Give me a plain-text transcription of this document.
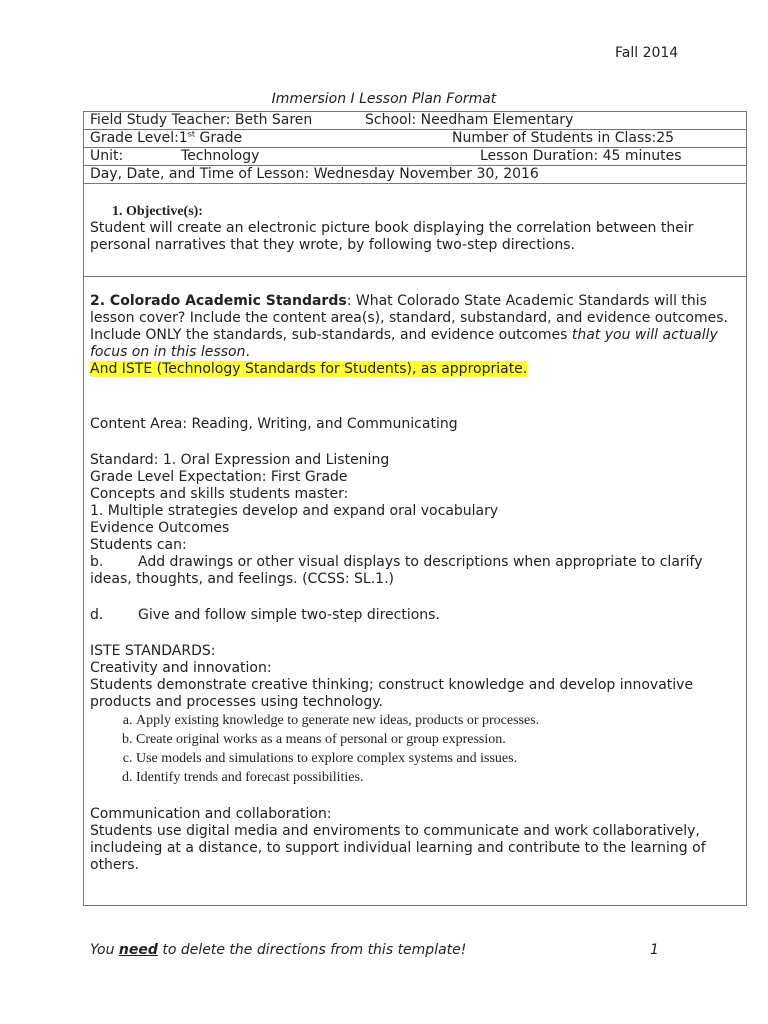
Fall 2014
Immersion I Lesson Plan Format
Field Study Teacher: Beth Saren	School: Needham Elementary

Grade Level:1st Grade	Number of Students in Class:25

Unit:	Technology	Lesson Duration: 45 minutes

Day, Date, and Time of Lesson: Wednesday November 30, 2016

1. Objective(s):
Student will create an electronic picture book displaying the correlation between their personal narratives that they wrote, by following two-step directions.

2. Colorado Academic Standards: What Colorado State Academic Standards will this lesson cover? Include the content area(s), standard, substandard, and evidence outcomes. Include ONLY the standards, sub-standards, and evidence outcomes that you will actually focus on in this lesson.
And ISTE (Technology Standards for Students), as appropriate.
Content Area: Reading, Writing, and Communicating
Standard: 1. Oral Expression and Listening
Grade Level Expectation: First Grade
Concepts and skills students master:
1. Multiple strategies develop and expand oral vocabulary
Evidence Outcomes
Students can:
b. Add drawings or other visual displays to descriptions when appropriate to clarify ideas, thoughts, and feelings. (CCSS: SL.1.)
d. Give and follow simple two-step directions.
ISTE STANDARDS:
Creativity and innovation:
Students demonstrate creative thinking; construct knowledge and develop innovative products and processes using technology.
a. Apply existing knowledge to generate new ideas, products or processes.
b. Create original works as a means of personal or group expression.
c. Use models and simulations to explore complex systems and issues.
d. Identify trends and forecast possibilities.
Communication and collaboration:
Students use digital media and enviroments to communicate and work collaboratively, includeing at a distance, to support individual learning and contribute to the learning of others.
You need to delete the directions from this template!	1
